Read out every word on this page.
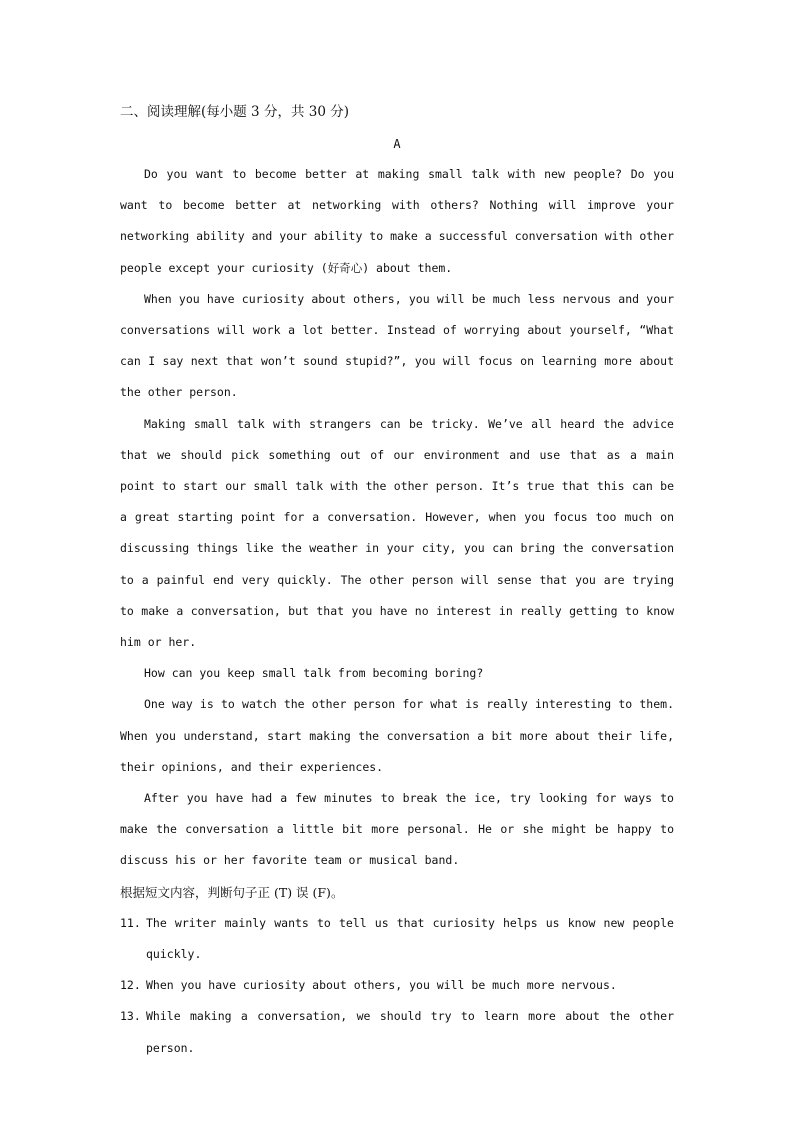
二、阅读理解(每小题 3 分，共 30 分)
A

Do you want to become better at making small talk with new people? Do you want to become better at networking with others? Nothing will improve your networking ability and your ability to make a successful conversation with other people except your curiosity (好奇心) about them.

When you have curiosity about others, you will be much less nervous and your conversations will work a lot better. Instead of worrying about yourself, “What can I say next that won’t sound stupid?”, you will focus on learning more about the other person.

Making small talk with strangers can be tricky. We’ve all heard the advice that we should pick something out of our environment and use that as a main point to start our small talk with the other person. It’s true that this can be a great starting point for a conversation. However, when you focus too much on discussing things like the weather in your city, you can bring the conversation to a painful end very quickly. The other person will sense that you are trying to make a conversation, but that you have no interest in really getting to know him or her.

How can you keep small talk from becoming boring?

One way is to watch the other person for what is really interesting to them. When you understand, start making the conversation a bit more about their life, their opinions, and their experiences.

After you have had a few minutes to break the ice, try looking for ways to make the conversation a little bit more personal. He or she might be happy to discuss his or her favorite team or musical band.

根据短文内容，判断句子正 (T) 误 (F)。

11. The writer mainly wants to tell us that curiosity helps us know new people quickly.

12. When you have curiosity about others, you will be much more nervous.

13. While making a conversation, we should try to learn more about the other person.
